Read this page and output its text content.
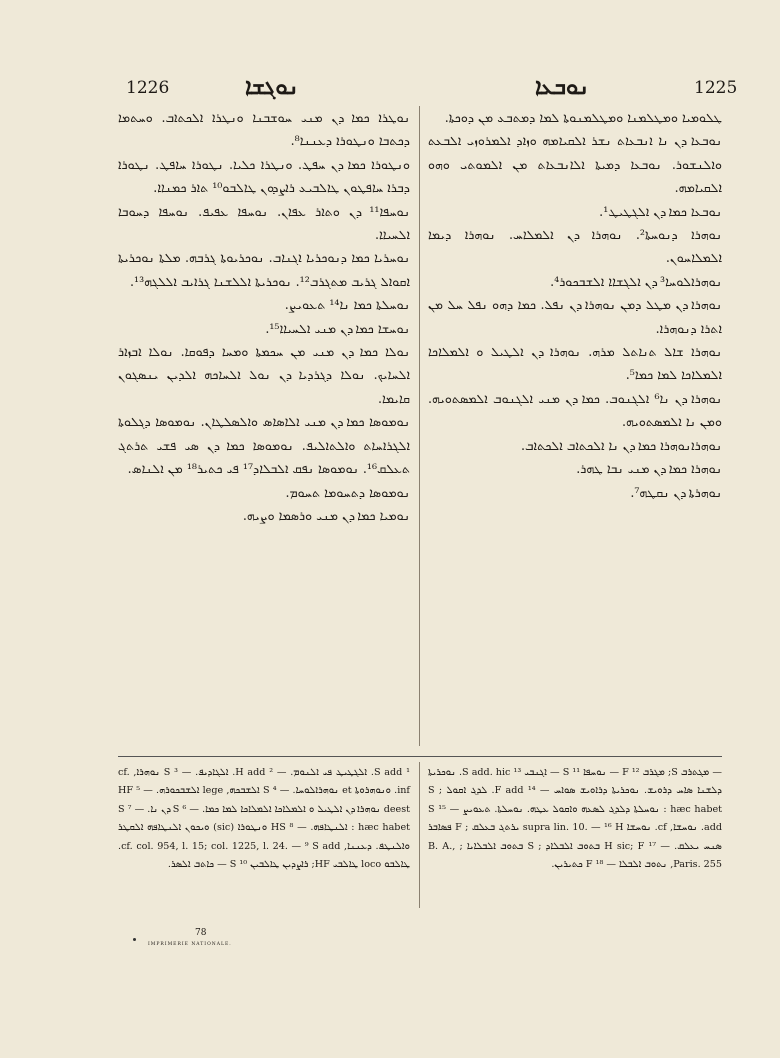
1226	ܢܘܓܫܐ	ܢܘܒܥܐ	1225

ܢܘܛܪܐ ܟܡܐ ܕܢ ܡܢܝ ܚܘܫܒܢܐ ܘܢܛܪܐ ܐܠܟܬܐܒ. ܘܚܬܡܐ ܕܟܬܒܐ ܘܢܛܘܪܐ ܕܥܢܢܐ⁸.

ܘܢܛܘܪܐ ܟܡܐ ܕܢ ܚܦܛ. ܘܢܛܪܐ ܟܠܝܐ. ܢܛܘܪܐ ܚܐܦܛ. ܢܛܘܪܐ ܕܒܪܐ ܚܐܦܛܘܢ ܛܐܠܒܝܥ ܪܐܨܕܘܢ ܛܐܠܒܘ¹⁰ ܬܐܪ ܟܡܢܐܐ.

ܢܘܚܦܐ¹¹ ܕܢ ܘܬܐܪ ܥܦܐܢ. ܢܘܚܦܐ ܥܦܝܦ. ܢܘܚܦܐ ܕܚܘܒܐ ܐܠܚܝܐܐ.

ܢܘܚܪܝܐ ܟܡܐ ܕܢܘܟܪܝܐ ܐܓܢܐܒ. ܢܘܟܪܝܘܬܐ ܓܪܒܗ. ܡܠܬܐ ܢܘܟܪܝܬܐ ܐܩܘܐܠ ܓܪܝܒ ܡܬܓܪܒ¹². ܢܘܟܪܝܬܐ ܐܠܠܫܢܐ ܓܪܐܝܒ ܐܠܠܓܗ¹³.

ܢܘܚܠܬܐ ܟܡܐ ܢܐ¹⁴ ܬܥܘܝܨ.

ܢܘܚܫܐ ܟܡܐ ܕܢ ܡܢܝ ܐܠܚܝܐܐ¹⁵.

ܢܘܠܐ ܟܡܐ ܕܢ ܡܢܝ ܡܢ ܚܟܡܬܐ ܘܡܚܐ ܕܦܘܩܐ. ܢܘܠܐ ܐܒܙܐܪ ܐܠܚܐܝܟ. ܢܘܠܐ ܕܓܪܕܝܐ ܕܢ ܢܘܠ ܐܠܚܐܟܗ ܐܠܕܝܢ ܝܢܣܓܘܢ ܩܐܝܡܐ.

ܢܘܡܘܣܐ ܟܡܐ ܕܢ ܡܢܝ ܐܠܐܣܐܣ ܘܐܠܣܠܛܐܢ. ܢܘܡܘܣܐ ܕܓܠܘܬܐ ܐܠܓܪܐܚܐܬ ܘܐܠܬܐܠܝܦ. ܢܘܡܘܣܐ ܟܡܐ ܕܢ ܣܝ ܦܫܝ ܬܪܬܓ ܬܥܠܩ¹⁶. ܢܘܡܘܣܐ ܢܦܩ ܐܠܒܠܐܕ¹⁷ ܦܝ ܟܬܝܪ¹⁸ ܡܢ ܐܠܢܐܣ.

ܢܘܡܘܣܐ ܕܬܚܘܡܐ ܬܚܘܡ.

ܢܘܡܝܐ ܟܡܐ ܕܢ ܡܢܝ ܘܪܣܡܐ ܘܨܝܗ.

ܛܠܘܡܝܐ ܘܡܛܠܡܢܐ ܘܡܛܠܡܢܘܬܐ ܠܡܐ ܕܡܬܒܥ ܡܢ ܕܘܟܬܐ.

ܢܘܒܥܐ ܕܢ ܢܐ ܐܢܒܥܐܬ ܢܫܪ ܐܠܩܝܐܡܗ ܘܙܐܕ ܐܠܡܪܘܙܝ ܐܠܒܥܬ ܘܐܠܢܫܘܪ. ܢܘܒܥܐ ܕܡܝܬܐ ܐܠܐܢܒܥܐܬ ܡܢ ܐܠܡܘܬܝ ܘܗܘ ܐܠܩܝܐܡܗ.

ܢܘܒܥܐ ܟܡܐ ܕܢ ܐܠܓܛܝܛ¹.

ܢܘܗܪܐ ܕܢܘܚܬܐ². ܢܘܗܪܐ ܕܢ ܐܠܡܠܐܚ. ܢܘܗܪܐ ܕܝܡܐ ܐܠܡܠܐܚܘܢ.

ܢܘܗܪܐܠܘܚܐ³ ܕܢ ܐܠܓܫܐܐ ܐܠܫܒܟܘܪ⁴.

ܢܘܗܪܐ ܕܢ ܡܛܠ ܕܡܢ ܢܘܗܪܐ ܕܢ ܢܦܠ. ܟܡܐ ܕܗܘ ܢܦܠ ܚܠ ܡܢ ܐܬܪܐ ܕܢܘܗܪܐ.

ܢܘܗܪܐ ܫܐܠ ܬܢܐܬܠ ܡܪܗ. ܢܘܗܪܐ ܕܢ ܐܠܛܝܠ ܘ ܐܠܡܠܐܟܐ ܐܠܡܠܐܟܐ ܠܡܐ ܟܡܐ⁵.

ܢܘܗܪܐ ܕܢ ܢܐ⁶ ܐܠܓܢܘܒ. ܟܡܐ ܕܢ ܡܢܝ ܐܠܓܢܘܒ ܐܠܡܣܬܘܝܗ. ܘܡܢ ܢܐ ܐܠܡܣܬܘܝܗ.

ܢܘܗܪܐܢܘܗܪܐ ܟܡܐ ܕܢ ܢܐ ܐܠܟܬܐܒ ܐܠܟܬܐܒ.

ܢܘܗܪܐ ܟܡܐ ܕܢ ܡܢܝ ܢܒܐ ܛܗܪ.

ܢܘܗܪܬܐ ܕܢ ܢܩܛܗ⁷.

¹ S add. ܐܠܓܛܝܛ ܦܝ ܐܠܢܘܡ. — ² H add. ܐܠܓܐܕܝܦ. — ³ S ܢܘܗܪܐ, cf. inf. ܘܢܘܗܪܘܬܐ et ܢܘܗܪܐܠܘܚܐ. — ⁴ S ܐܠܫܒܟܗ, lege ܐܠܫܒܟܘܪܗ. — ⁵ HF deest ܢܘܗܪܐ ܕܢ ܐܠܛܝܠ ܘ ܐܠܡܠܐܟܐ ܐܠܡܠܐܟܐ ܠܡܐ ܟܡܐ. — ⁶ S ܕܢ ܢܐ. — ⁷ S hæc habet : ܐܠܢܛܐܦܗ. — ⁸ HS ܘܢܛܘܪܐ (sic) ܘܝܟܘܢ ܐܠܢܛܐܦܗ ܐܠܩܛܪ ܘܐܠܢܛܦ. ܕܥܢܢܐ, cf. col. 954, l. 15; col. 1225, l. 24. — ⁹ S add. ܛܐܠܒܘ loco ܛܐܠܒܝ HF; ܪܐܨܕܝܢ ܛܐܠܒܝܢ S ¹⁰ — ܟܐܬܒ ܐܠܣܪ.
— ܡܓܬܪܒ S; ܡܓܪܒ F ¹² — ܢܘܚܦܐ S ¹¹ — ܐܓܢܒܝ ¹³ S add. hic. ܢܘܟܪܝܬܐ ܕܠܫܢܐ ܣܐܚ ܕܪܘܝܫ. ܢܘܟܪܝܬܐ ܕܪܐܘܝܫ ܣܘܐܚ — ¹⁴ F add. ܠܕܓ ܐܩܘܠ ; S hæc habet : ܢܘܚܠܬܐ ܕܠܕܓ ܠܣܥܗ ܘܐܩܘܠ ܥܛܗ. ܢܘܚܠܬܐ. ܬܥܘܝܨ — ¹⁵ S add. ܢܘܚܫܐ, cf. ܢܘܚܫܐ supra lin. 10. — ¹⁶ H ܝܪܬܓ ܒܥܠܩ ; F ܦܣܐܒܪ ܣܢܚ ܝܥܠܩ. — ¹⁷ H sic; F ܒܬܘܒ ܐܠܒܠܐܕ ; S ܒܬܘܒ ܐܠܒܠܐܝܐ ; B. A., Paris. 255, ܢܬܘܒ ܐܠܒܠܐ — ¹⁸ F ܟܬܝܪܝܢ.
78
IMPRIMERIE NATIONALE.
